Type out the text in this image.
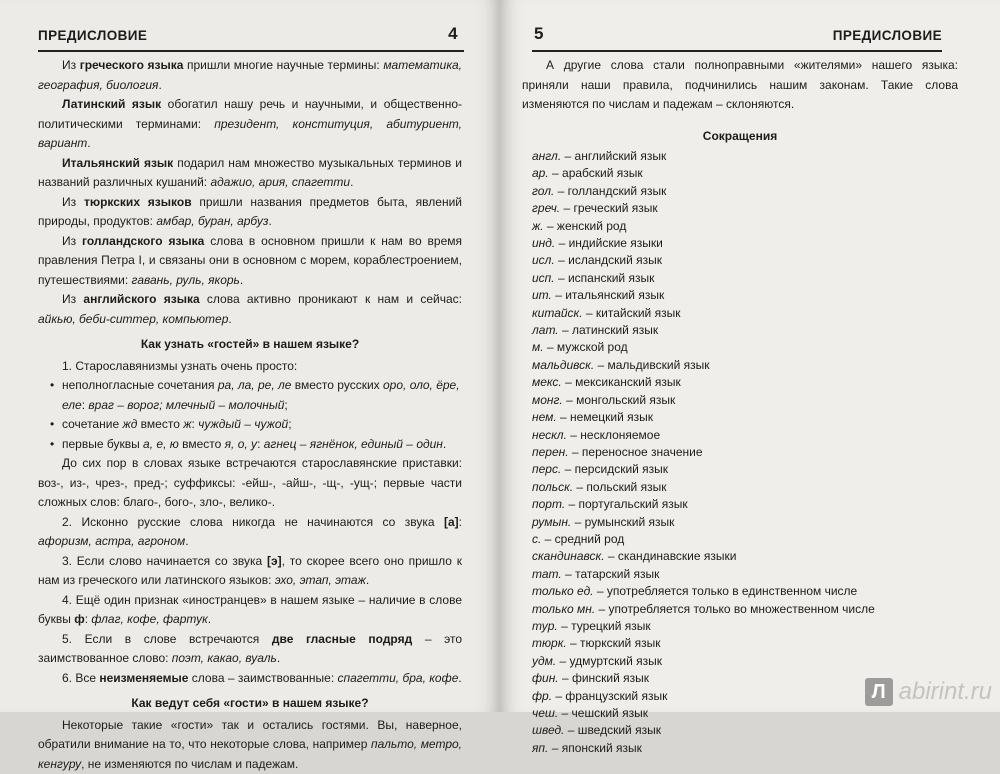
ПРЕДИСЛОВИЕ	4

Из греческого языка пришли многие научные термины: математика, география, биология.

Латинский язык обогатил нашу речь и научными, и общественно-политическими терминами: президент, конституция, абитуриент, вариант.

Итальянский язык подарил нам множество музыкальных терминов и названий различных кушаний: адажио, ария, спагетти.

Из тюркских языков пришли названия предметов быта, явлений природы, продуктов: амбар, буран, арбуз.

Из голландского языка слова в основном пришли к нам во время правления Петра I, и связаны они в основном с морем, кораблестроением, путешествиями: гавань, руль, якорь.

Из английского языка слова активно проникают к нам и сейчас: айкью, беби-ситтер, компьютер.

Как узнать «гостей» в нашем языке?

1. Старославянизмы узнать очень просто:

• неполногласные сочетания ра, ла, ре, ле вместо русских оро, оло, ёре, еле: враг – ворог; млечный – молочный;
• сочетание жд вместо ж: чуждый – чужой;
• первые буквы а, е, ю вместо я, о, у: агнец – ягнёнок, единый – один.

До сих пор в словах языке встречаются старославянские приставки: воз-, из-, чрез-, пред-; суффиксы: -ейш-, -айш-, -щ-, -ущ-; первые части сложных слов: благо-, бого-, зло-, велико-.

2. Исконно русские слова никогда не начинаются со звука [а]: афоризм, астра, агроном.

3. Если слово начинается со звука [э], то скорее всего оно пришло к нам из греческого или латинского языков: эхо, этап, этаж.

4. Ещё один признак «иностранцев» в нашем языке – наличие в слове буквы ф: флаг, кофе, фартук.

5. Если в слове встречаются две гласные подряд – это заимствованное слово: поэт, какао, вуаль.

6. Все неизменяемые слова – заимствованные: спагетти, бра, кофе.

Как ведут себя «гости» в нашем языке?

Некоторые такие «гости» так и остались гостями. Вы, наверное, обратили внимание на то, что некоторые слова, например пальто, метро, кенгуру, не изменяются по числам и падежам.

5	ПРЕДИСЛОВИЕ

А другие слова стали полноправными «жителями» нашего языка: приняли наши правила, подчинились нашим законам. Такие слова изменяются по числам и падежам – склоняются.

Сокращения
англ. – английский язык
ар. – арабский язык
гол. – голландский язык
греч. – греческий язык
ж. – женский род
инд. – индийские языки
исл. – исландский язык
исп. – испанский язык
ит. – итальянский язык
китайск. – китайский язык
лат. – латинский язык
м. – мужской род
мальдивск. – мальдивский язык
мекс. – мексиканский язык
монг. – монгольский язык
нем. – немецкий язык
нескл. – несклоняемое
перен. – переносное значение
перс. – персидский язык
польск. – польский язык
порт. – португальский язык
румын. – румынский язык
с. – средний род
скандинавск. – скандинавские языки
тат. – татарский язык
только ед. – употребляется только в единственном числе
только мн. – употребляется только во множественном числе
тур. – турецкий язык
тюрк. – тюркский язык
удм. – удмуртский язык
фин. – финский язык
фр. – французский язык
чеш. – чешский язык
швед. – шведский язык
яп. – японский язык
Л abirint.ru
